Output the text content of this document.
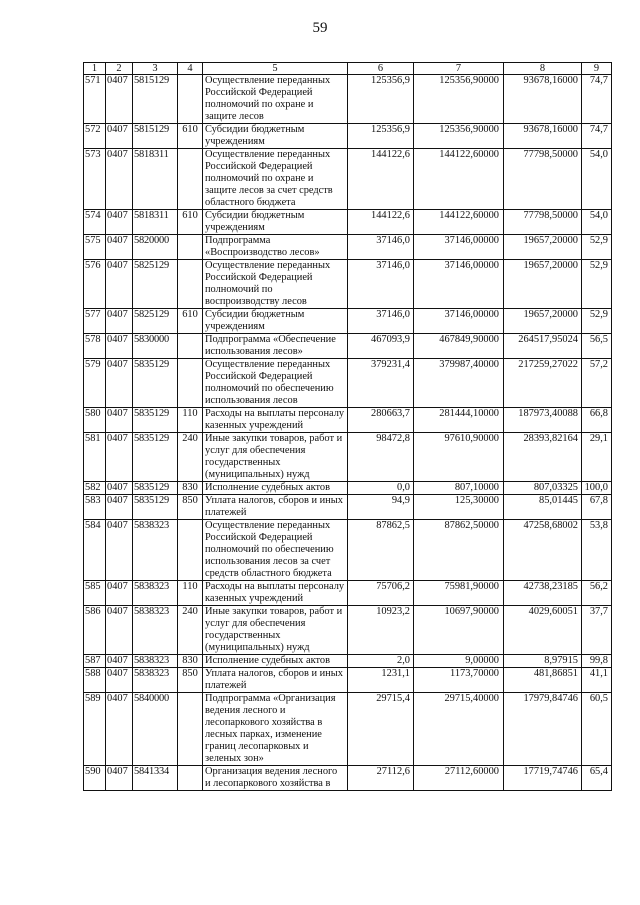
59
1	2	3	4	5	6	7	8	9
571	0407	5815129		Осуществление переданных Российской Федерацией полномочий по охране и защите лесов	125356,9	125356,90000	93678,16000	74,7
572	0407	5815129	610	Субсидии бюджетным учреждениям	125356,9	125356,90000	93678,16000	74,7
573	0407	5818311		Осуществление переданных Российской Федерацией полномочий по охране и защите лесов за счет средств областного бюджета	144122,6	144122,60000	77798,50000	54,0
574	0407	5818311	610	Субсидии бюджетным учреждениям	144122,6	144122,60000	77798,50000	54,0
575	0407	5820000		Подпрограмма «Воспроизводство лесов»	37146,0	37146,00000	19657,20000	52,9
576	0407	5825129		Осуществление переданных Российской Федерацией полномочий по воспроизводству лесов	37146,0	37146,00000	19657,20000	52,9
577	0407	5825129	610	Субсидии бюджетным учреждениям	37146,0	37146,00000	19657,20000	52,9
578	0407	5830000		Подпрограмма «Обеспечение использования лесов»	467093,9	467849,90000	264517,95024	56,5
579	0407	5835129		Осуществление переданных Российской Федерацией полномочий по обеспечению использования лесов	379231,4	379987,40000	217259,27022	57,2
580	0407	5835129	110	Расходы на выплаты персоналу казенных учреждений	280663,7	281444,10000	187973,40088	66,8
581	0407	5835129	240	Иные закупки товаров, работ и услуг для обеспечения государственных (муниципальных) нужд	98472,8	97610,90000	28393,82164	29,1
582	0407	5835129	830	Исполнение судебных актов	0,0	807,10000	807,03325	100,0
583	0407	5835129	850	Уплата налогов, сборов и иных платежей	94,9	125,30000	85,01445	67,8
584	0407	5838323		Осуществление переданных Российской Федерацией полномочий по обеспечению использования лесов за счет средств областного бюджета	87862,5	87862,50000	47258,68002	53,8
585	0407	5838323	110	Расходы на выплаты персоналу казенных учреждений	75706,2	75981,90000	42738,23185	56,2
586	0407	5838323	240	Иные закупки товаров, работ и услуг для обеспечения государственных (муниципальных) нужд	10923,2	10697,90000	4029,60051	37,7
587	0407	5838323	830	Исполнение судебных актов	2,0	9,00000	8,97915	99,8
588	0407	5838323	850	Уплата налогов, сборов и иных платежей	1231,1	1173,70000	481,86851	41,1
589	0407	5840000		Подпрограмма «Организация ведения лесного и лесопаркового хозяйства в лесных парках, изменение границ лесопарковых и зеленых зон»	29715,4	29715,40000	17979,84746	60,5
590	0407	5841334		Организация ведения лесного и лесопаркового хозяйства в	27112,6	27112,60000	17719,74746	65,4
